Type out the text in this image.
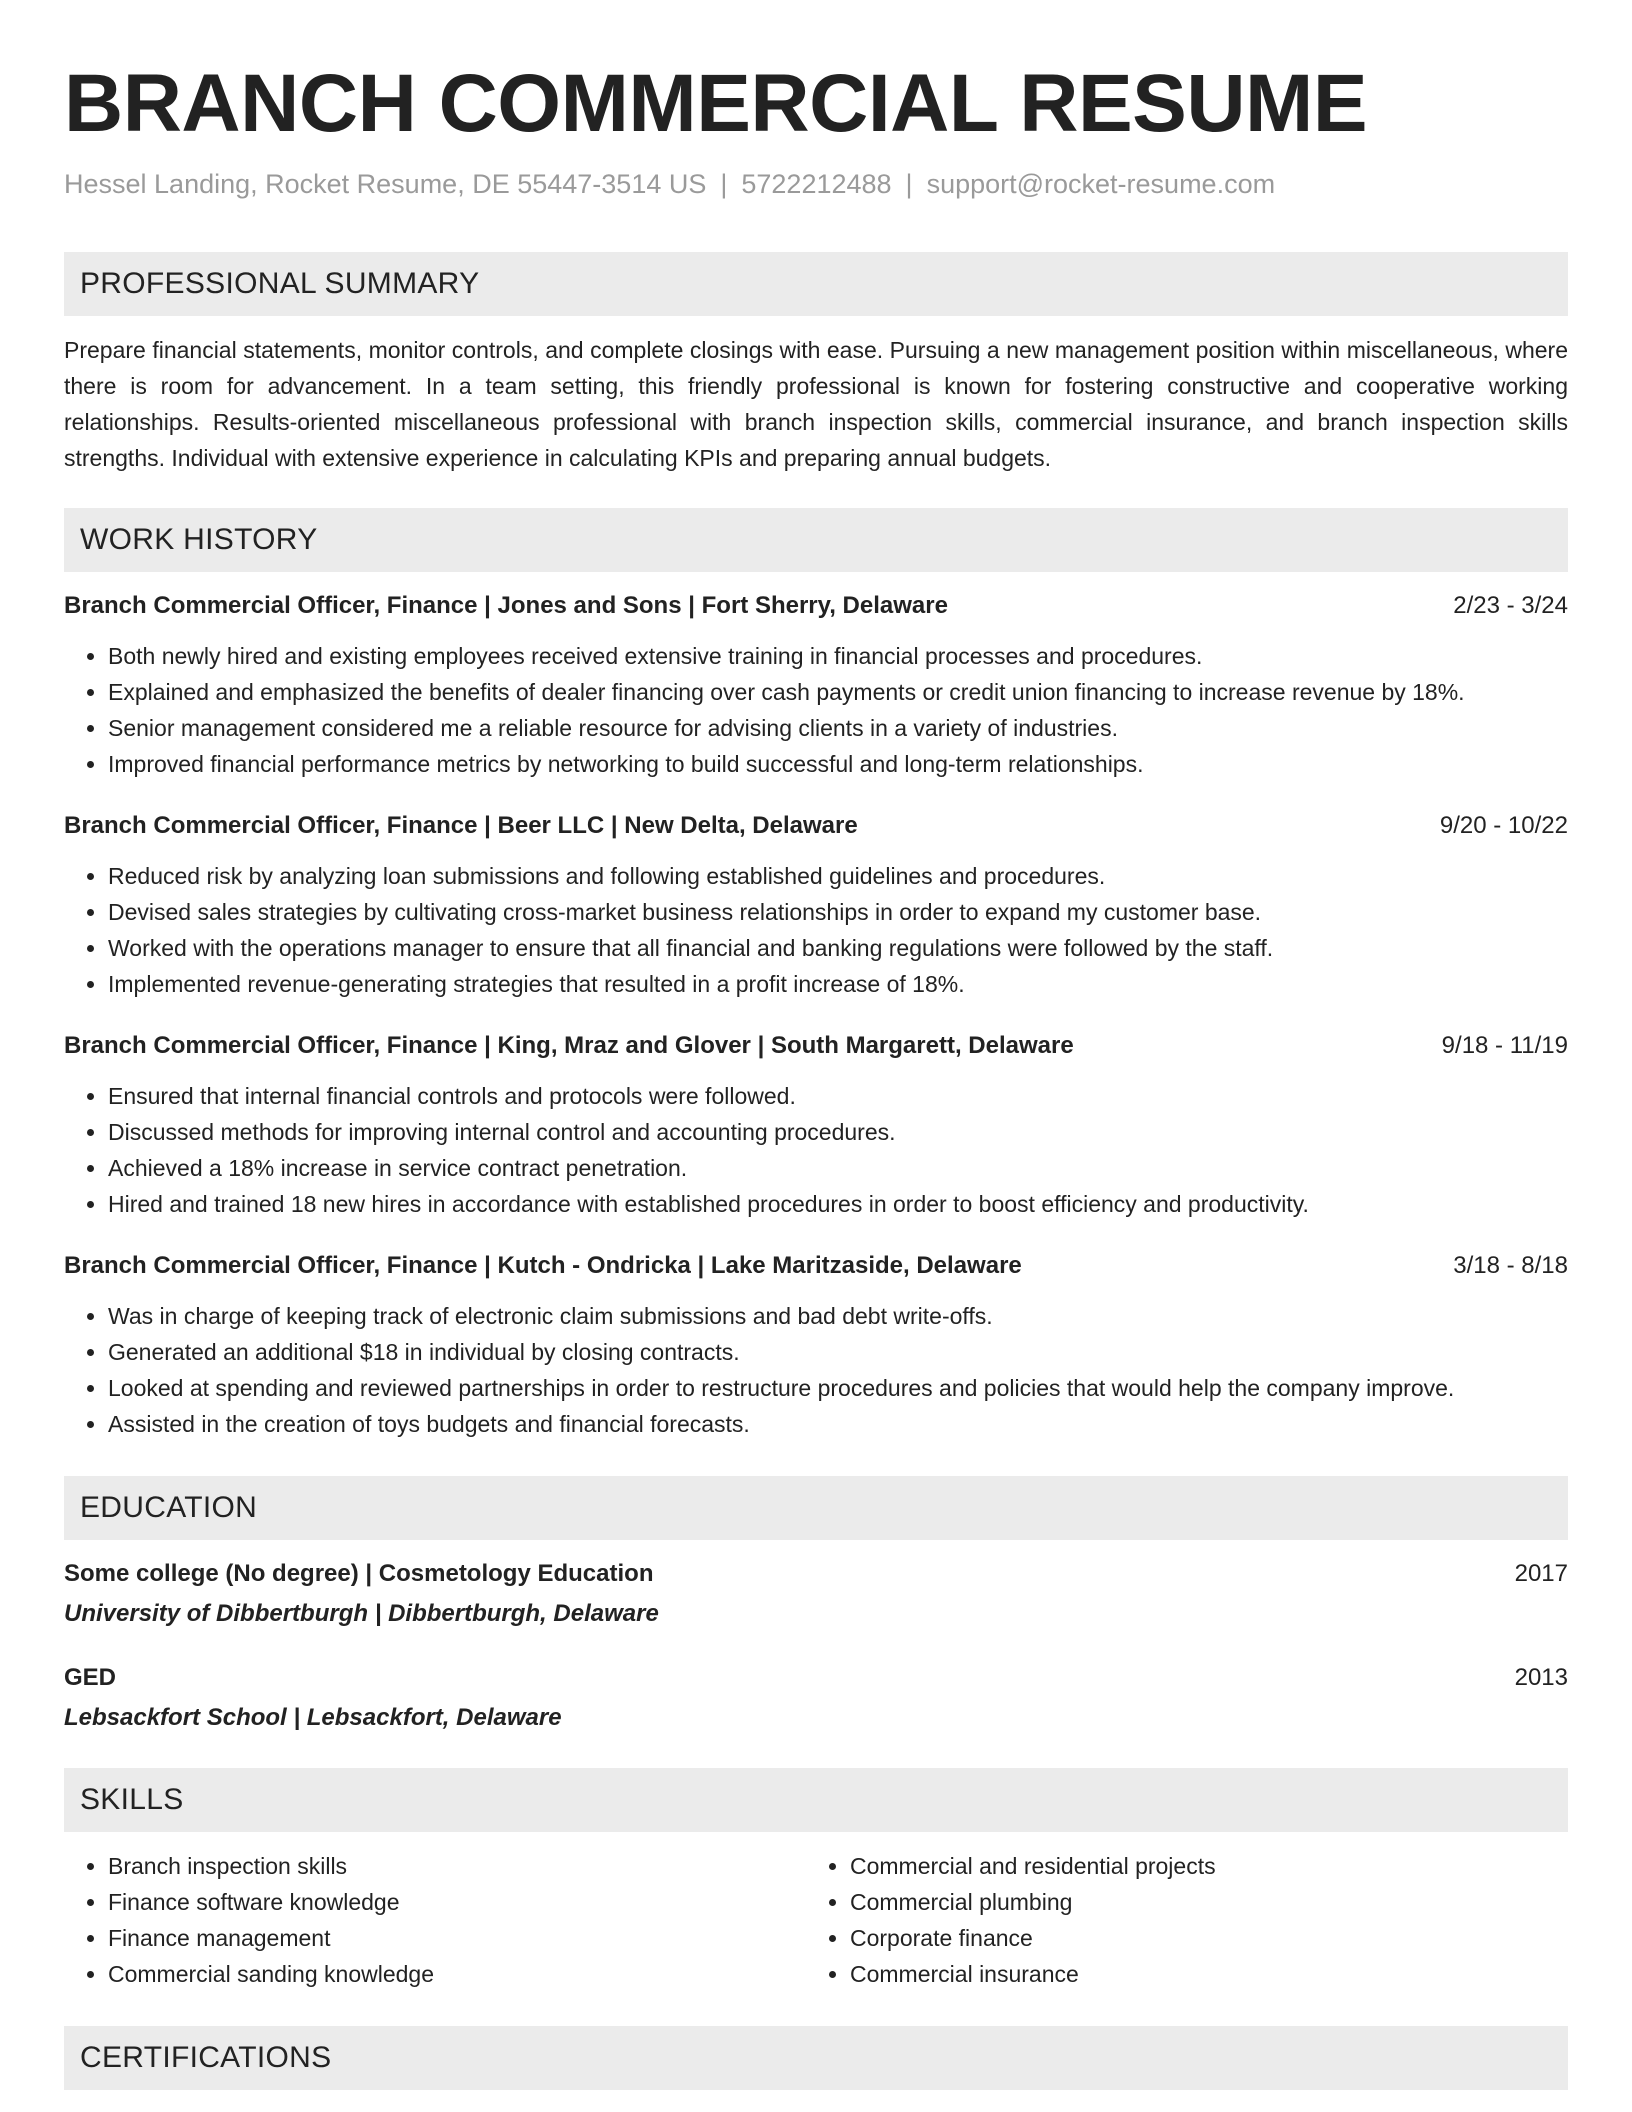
BRANCH COMMERCIAL RESUME
Hessel Landing, Rocket Resume, DE 55447-3514 US | 5722212488 | support@rocket-resume.com
PROFESSIONAL SUMMARY
Prepare financial statements, monitor controls, and complete closings with ease. Pursuing a new management position within miscellaneous, where there is room for advancement. In a team setting, this friendly professional is known for fostering constructive and cooperative working relationships. Results-oriented miscellaneous professional with branch inspection skills, commercial insurance, and branch inspection skills strengths. Individual with extensive experience in calculating KPIs and preparing annual budgets.
WORK HISTORY
Branch Commercial Officer, Finance | Jones and Sons | Fort Sherry, Delaware	2/23 - 3/24
• Both newly hired and existing employees received extensive training in financial processes and procedures.
• Explained and emphasized the benefits of dealer financing over cash payments or credit union financing to increase revenue by 18%.
• Senior management considered me a reliable resource for advising clients in a variety of industries.
• Improved financial performance metrics by networking to build successful and long-term relationships.
Branch Commercial Officer, Finance | Beer LLC | New Delta, Delaware	9/20 - 10/22
• Reduced risk by analyzing loan submissions and following established guidelines and procedures.
• Devised sales strategies by cultivating cross-market business relationships in order to expand my customer base.
• Worked with the operations manager to ensure that all financial and banking regulations were followed by the staff.
• Implemented revenue-generating strategies that resulted in a profit increase of 18%.
Branch Commercial Officer, Finance | King, Mraz and Glover | South Margarett, Delaware	9/18 - 11/19
• Ensured that internal financial controls and protocols were followed.
• Discussed methods for improving internal control and accounting procedures.
• Achieved a 18% increase in service contract penetration.
• Hired and trained 18 new hires in accordance with established procedures in order to boost efficiency and productivity.
Branch Commercial Officer, Finance | Kutch - Ondricka | Lake Maritzaside, Delaware	3/18 - 8/18
• Was in charge of keeping track of electronic claim submissions and bad debt write-offs.
• Generated an additional $18 in individual by closing contracts.
• Looked at spending and reviewed partnerships in order to restructure procedures and policies that would help the company improve.
• Assisted in the creation of toys budgets and financial forecasts.
EDUCATION
Some college (No degree) | Cosmetology Education	2017
University of Dibbertburgh | Dibbertburgh, Delaware
GED	2013
Lebsackfort School | Lebsackfort, Delaware
SKILLS
• Branch inspection skills
• Finance software knowledge
• Finance management
• Commercial sanding knowledge
• Commercial and residential projects
• Commercial plumbing
• Corporate finance
• Commercial insurance
CERTIFICATIONS
